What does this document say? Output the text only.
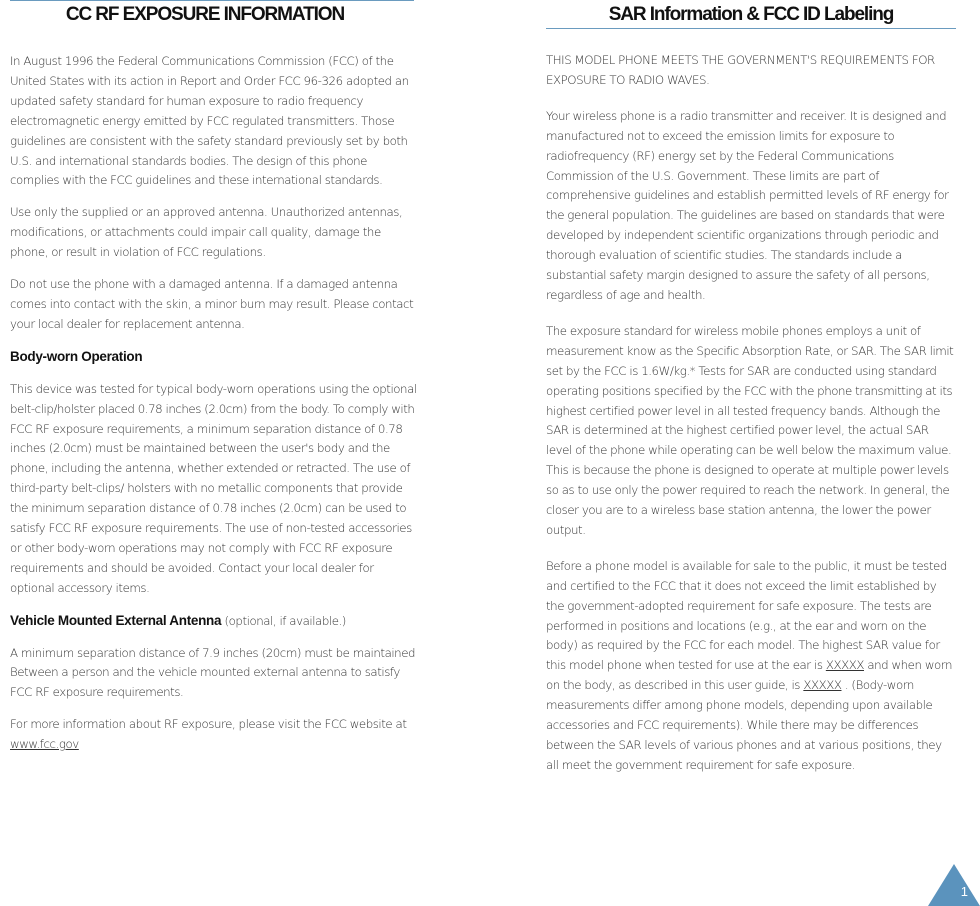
CC RF EXPOSURE INFORMATION

In August 1996 the Federal Communications Commission (FCC) of the United States with its action in Report and Order FCC 96-326 adopted an updated safety standard for human exposure to radio frequency electromagnetic energy emitted by FCC regulated transmitters. Those guidelines are consistent with the safety standard previously set by both U.S. and international standards bodies. The design of this phone complies with the FCC guidelines and these international standards.

Use only the supplied or an approved antenna. Unauthorized antennas, modifications, or attachments could impair call quality, damage the phone, or result in violation of FCC regulations.

Do not use the phone with a damaged antenna. If a damaged antenna comes into contact with the skin, a minor burn may result. Please contact your local dealer for replacement antenna.

Body-worn Operation

This device was tested for typical body-worn operations using the optional belt-clip/holster placed 0.78 inches (2.0cm) from the body. To comply with FCC RF exposure requirements, a minimum separation distance of 0.78 inches (2.0cm) must be maintained between the user's body and the phone, including the antenna, whether extended or retracted. The use of third-party belt-clips/ holsters with no metallic components that provide the minimum separation distance of 0.78 inches (2.0cm) can be used to satisfy FCC RF exposure requirements. The use of non-tested accessories or other body-worn operations may not comply with FCC RF exposure requirements and should be avoided. Contact your local dealer for optional accessory items.

Vehicle Mounted External Antenna (optional, if available.)

A minimum separation distance of 7.9 inches (20cm) must be maintained Between a person and the vehicle mounted external antenna to satisfy FCC RF exposure requirements.

For more information about RF exposure, please visit the FCC website at www.fcc.gov

SAR Information & FCC ID Labeling

THIS MODEL PHONE MEETS THE GOVERNMENT'S REQUIREMENTS FOR EXPOSURE TO RADIO WAVES.

Your wireless phone is a radio transmitter and receiver. It is designed and manufactured not to exceed the emission limits for exposure to radiofrequency (RF) energy set by the Federal Communications Commission of the U.S. Government. These limits are part of comprehensive guidelines and establish permitted levels of RF energy for the general population. The guidelines are based on standards that were developed by independent scientific organizations through periodic and thorough evaluation of scientific studies. The standards include a substantial safety margin designed to assure the safety of all persons, regardless of age and health.

The exposure standard for wireless mobile phones employs a unit of measurement know as the Specific Absorption Rate, or SAR. The SAR limit set by the FCC is 1.6W/kg.* Tests for SAR are conducted using standard operating positions specified by the FCC with the phone transmitting at its highest certified power level in all tested frequency bands. Although the SAR is determined at the highest certified power level, the actual SAR level of the phone while operating can be well below the maximum value. This is because the phone is designed to operate at multiple power levels so as to use only the power required to reach the network. In general, the closer you are to a wireless base station antenna, the lower the power output.

Before a phone model is available for sale to the public, it must be tested and certified to the FCC that it does not exceed the limit established by the government-adopted requirement for safe exposure. The tests are performed in positions and locations (e.g., at the ear and worn on the body) as required by the FCC for each model. The highest SAR value for this model phone when tested for use at the ear is XXXXX and when worn on the body, as described in this user guide, is XXXXX . (Body-worn measurements differ among phone models, depending upon available accessories and FCC requirements). While there may be differences between the SAR levels of various phones and at various positions, they all meet the government requirement for safe exposure.

1
